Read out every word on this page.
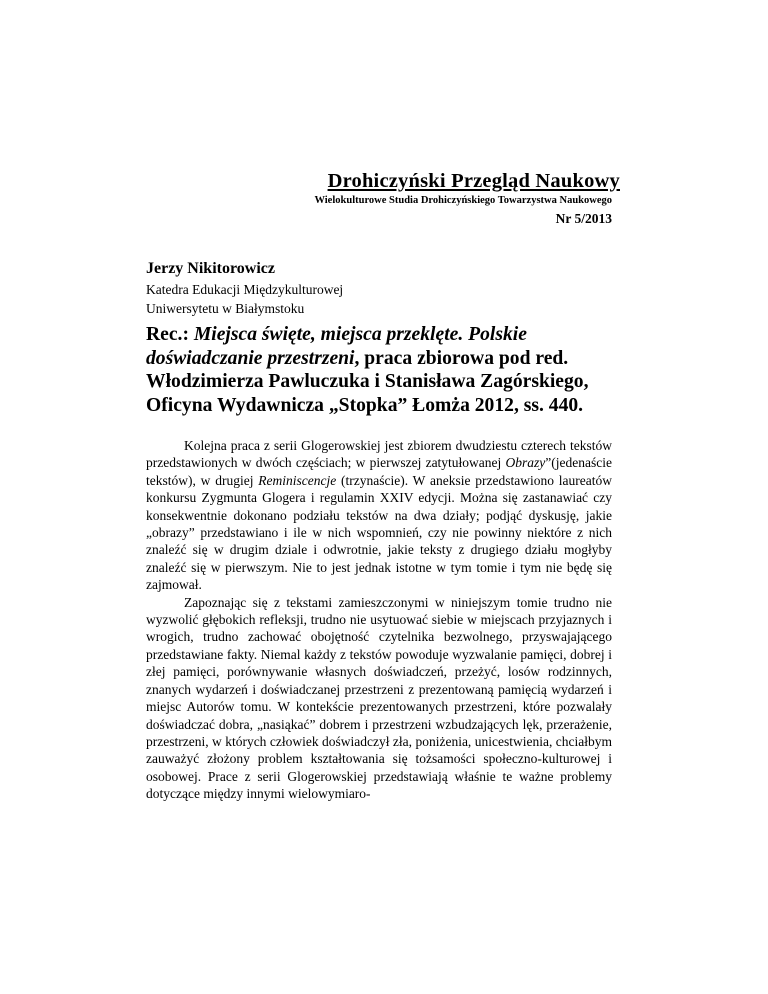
Drohiczyński Przegląd Naukowy
Wielokulturowe Studia Drohiczyńskiego Towarzystwa Naukowego
Nr 5/2013
Jerzy Nikitorowicz
Katedra Edukacji Międzykulturowej
Uniwersytetu w Białymstoku
Rec.: Miejsca święte, miejsca przeklęte. Polskie doświadczanie przestrzeni, praca zbiorowa pod red. Włodzimierza Pawluczuka i Stanisława Zagórskiego, Oficyna Wydawnicza „Stopka” Łomża 2012, ss. 440.

Kolejna praca z serii Glogerowskiej jest zbiorem dwudziestu czterech tekstów przedstawionych w dwóch częściach; w pierwszej zatytułowanej Obrazy”(jedenaście tekstów), w drugiej Reminiscencje (trzynaście). W aneksie przedstawiono laureatów konkursu Zygmunta Glogera i regulamin XXIV edycji. Można się zastanawiać czy konsekwentnie dokonano podziału tekstów na dwa działy; podjąć dyskusję, jakie „obrazy” przedstawiano i ile w nich wspomnień, czy nie powinny niektóre z nich znaleźć się w drugim dziale i odwrotnie, jakie teksty z drugiego działu mogłyby znaleźć się w pierwszym. Nie to jest jednak istotne w tym tomie i tym nie będę się zajmował.

Zapoznając się z tekstami zamieszczonymi w niniejszym tomie trudno nie wyzwolić głębokich refleksji, trudno nie usytuować siebie w miejscach przyjaznych i wrogich, trudno zachować obojętność czytelnika bezwolnego, przyswajającego przedstawiane fakty. Niemal każdy z tekstów powoduje wyzwalanie pamięci, dobrej i złej pamięci, porównywanie własnych doświadczeń, przeżyć, losów rodzinnych, znanych wydarzeń i doświadczanej przestrzeni z prezentowaną pamięcią wydarzeń i miejsc Autorów tomu. W kontekście prezentowanych przestrzeni, które pozwalały doświadczać dobra, „nasiąkać” dobrem i przestrzeni wzbudzających lęk, przerażenie, przestrzeni, w których człowiek doświadczył zła, poniżenia, unicestwienia, chciałbym zauważyć złożony problem kształtowania się tożsamości społeczno-kulturowej i osobowej. Prace z serii Glogerowskiej przedstawiają właśnie te ważne problemy dotyczące między innymi wielowymiaro-
